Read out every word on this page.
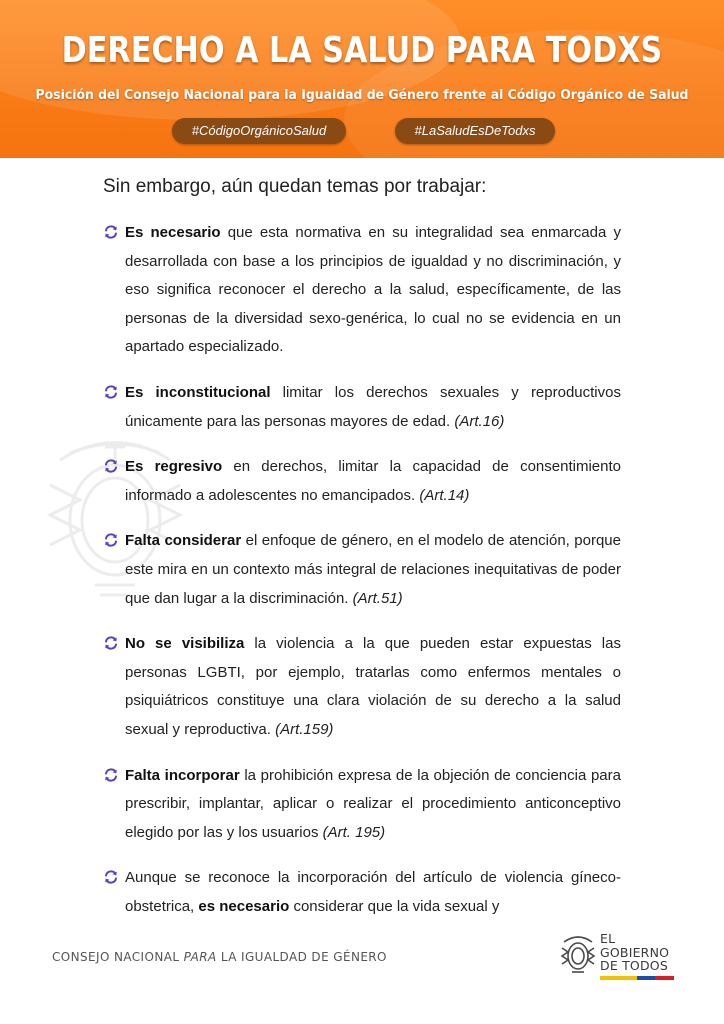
DERECHO A LA SALUD PARA TODXS
Posición del Consejo Nacional para la Igualdad de Género frente al Código Orgánico de Salud
#CódigoOrgánicoSalud	#LaSaludEsDeTodxs
Sin embargo, aún quedan temas por trabajar:
Es necesario que esta normativa en su integralidad sea enmarcada y desarrollada con base a los principios de igualdad y no discriminación, y eso significa reconocer el derecho a la salud, específicamente, de las personas de la diversidad sexo-genérica, lo cual no se evidencia en un apartado especializado.
Es inconstitucional limitar los derechos sexuales y reproductivos únicamente para las personas mayores de edad. (Art.16)
Es regresivo en derechos, limitar la capacidad de consentimiento informado a adolescentes no emancipados. (Art.14)
Falta considerar el enfoque de género, en el modelo de atención, porque este mira en un contexto más integral de relaciones inequitativas de poder que dan lugar a la discriminación. (Art.51)
No se visibiliza la violencia a la que pueden estar expuestas las personas LGBTI, por ejemplo, tratarlas como enfermos mentales o psiquiátricos constituye una clara violación de su derecho a la salud sexual y reproductiva. (Art.159)
Falta incorporar la prohibición expresa de la objeción de conciencia para prescribir, implantar, aplicar o realizar el procedimiento anticonceptivo elegido por las y los usuarios (Art. 195)
Aunque se reconoce la incorporación del artículo de violencia gíneco-obstetrica, es necesario considerar que la vida sexual y
CONSEJO NACIONAL PARA LA IGUALDAD DE GÉNERO
EL
GOBIERNO
DE TODOS
